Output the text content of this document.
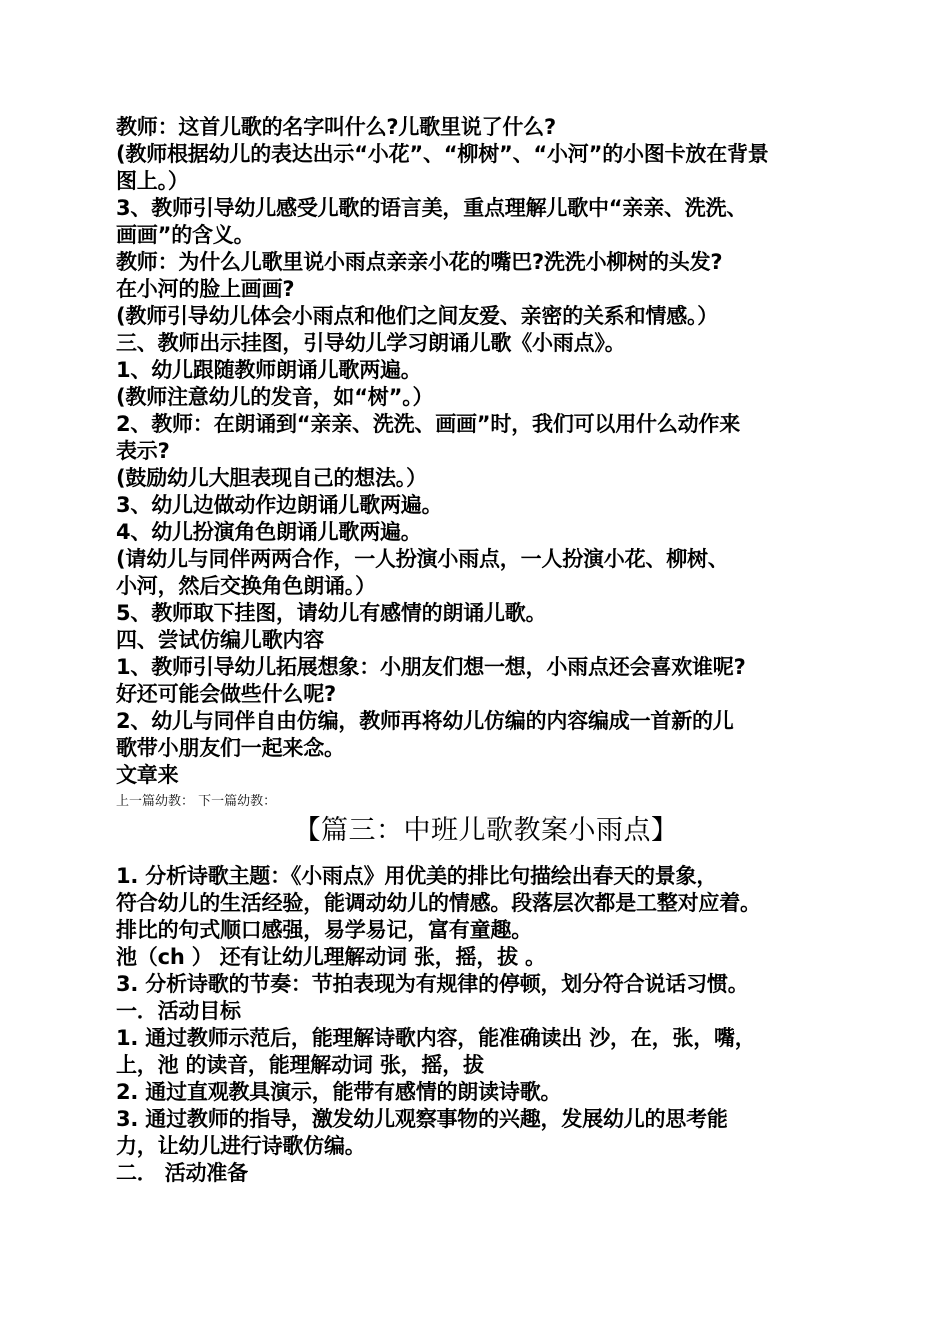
教师：这首儿歌的名字叫什么?儿歌里说了什么?
(教师根据幼儿的表达出示“小花”、“柳树”、“小河”的小图卡放在背景
图上。）
3、教师引导幼儿感受儿歌的语言美，重点理解儿歌中“亲亲、洗洗、
画画”的含义。
教师：为什么儿歌里说小雨点亲亲小花的嘴巴?洗洗小柳树的头发?
在小河的脸上画画?
(教师引导幼儿体会小雨点和他们之间友爱、亲密的关系和情感。）
三、教师出示挂图，引导幼儿学习朗诵儿歌《小雨点》。
1、幼儿跟随教师朗诵儿歌两遍。
(教师注意幼儿的发音，如“树”。）
2、教师：在朗诵到“亲亲、洗洗、画画”时，我们可以用什么动作来
表示?
(鼓励幼儿大胆表现自己的想法。）
3、幼儿边做动作边朗诵儿歌两遍。
4、幼儿扮演角色朗诵儿歌两遍。
(请幼儿与同伴两两合作，一人扮演小雨点，一人扮演小花、柳树、
小河，然后交换角色朗诵。）
5、教师取下挂图，请幼儿有感情的朗诵儿歌。
四、尝试仿编儿歌内容
1、教师引导幼儿拓展想象：小朋友们想一想，小雨点还会喜欢谁呢?
好还可能会做些什么呢?
2、幼儿与同伴自由仿编，教师再将幼儿仿编的内容编成一首新的儿
歌带小朋友们一起来念。
文章来
上一篇幼教： 下一篇幼教：
【篇三：中班儿歌教案小雨点】
1. 分析诗歌主题：《小雨点》用优美的排比句描绘出春天的景象，
符合幼儿的生活经验，能调动幼儿的情感。段落层次都是工整对应着。
排比的句式顺口感强，易学易记，富有童趣。
池（ch ） 还有让幼儿理解动词 张，摇，拔 。
3. 分析诗歌的节奏：节拍表现为有规律的停顿，划分符合说话习惯。
一．活动目标
1. 通过教师示范后，能理解诗歌内容，能准确读出 沙，在，张，嘴，
上，池 的读音，能理解动词 张，摇，拔
2. 通过直观教具演示，能带有感情的朗读诗歌。
3. 通过教师的指导，激发幼儿观察事物的兴趣，发展幼儿的思考能
力，让幼儿进行诗歌仿编。
二． 活动准备
